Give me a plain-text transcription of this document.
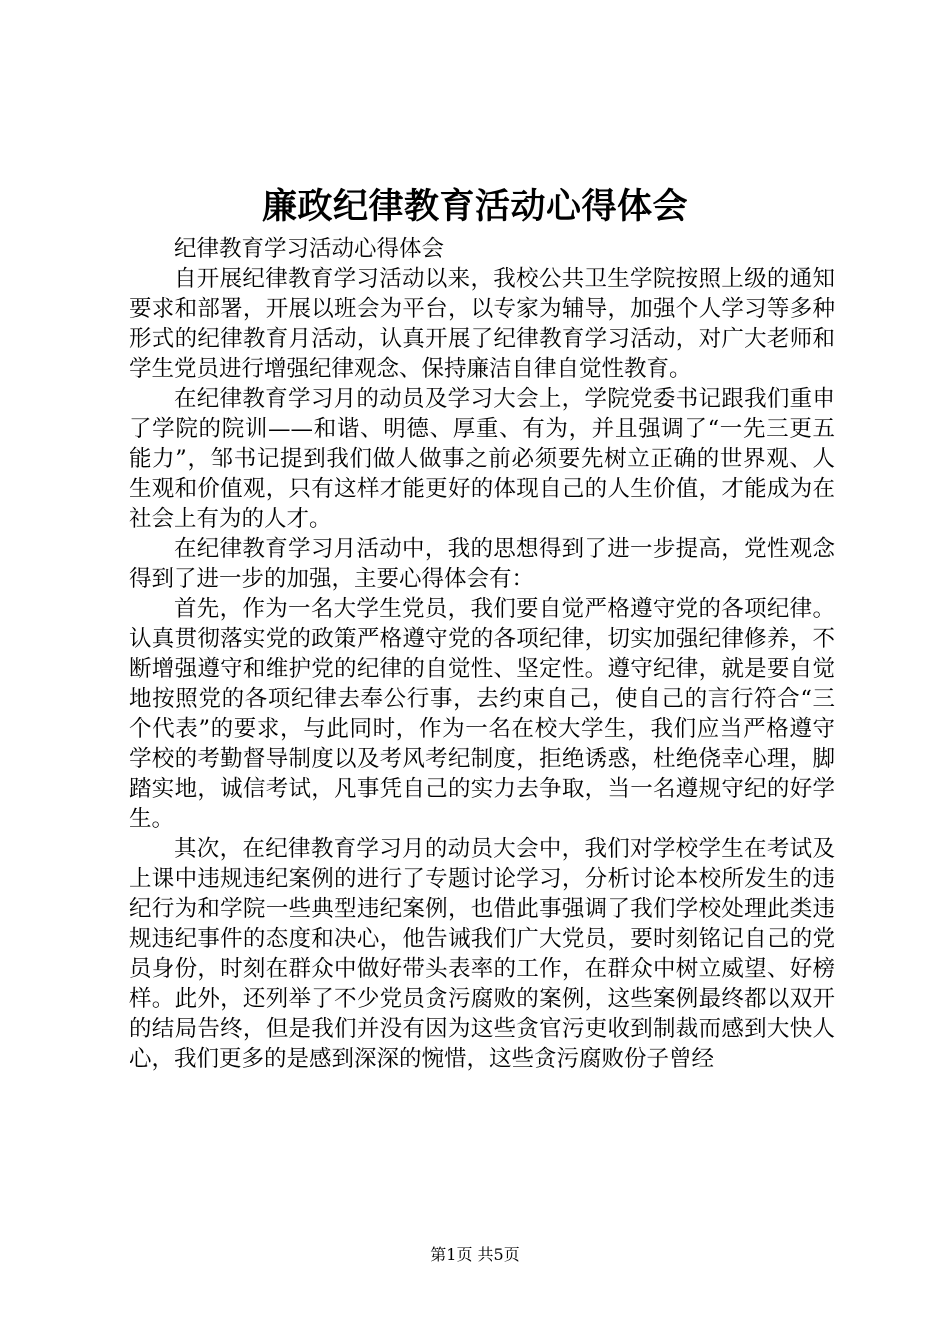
廉政纪律教育活动心得体会

纪律教育学习活动心得体会

自开展纪律教育学习活动以来，我校公共卫生学院按照上级的通知要求和部署，开展以班会为平台，以专家为辅导，加强个人学习等多种形式的纪律教育月活动，认真开展了纪律教育学习活动，对广大老师和学生党员进行增强纪律观念、保持廉洁自律自觉性教育。

在纪律教育学习月的动员及学习大会上，学院党委书记跟我们重申了学院的院训——和谐、明德、厚重、有为，并且强调了“一先三更五能力”，邹书记提到我们做人做事之前必须要先树立正确的世界观、人生观和价值观，只有这样才能更好的体现自己的人生价值，才能成为在社会上有为的人才。

在纪律教育学习月活动中，我的思想得到了进一步提高，党性观念得到了进一步的加强，主要心得体会有：

首先，作为一名大学生党员，我们要自觉严格遵守党的各项纪律。认真贯彻落实党的政策严格遵守党的各项纪律，切实加强纪律修养，不断增强遵守和维护党的纪律的自觉性、坚定性。遵守纪律，就是要自觉地按照党的各项纪律去奉公行事，去约束自己，使自己的言行符合“三个代表”的要求，与此同时，作为一名在校大学生，我们应当严格遵守学校的考勤督导制度以及考风考纪制度，拒绝诱惑，杜绝侥幸心理，脚踏实地，诚信考试，凡事凭自己的实力去争取，当一名遵规守纪的好学生。

其次，在纪律教育学习月的动员大会中，我们对学校学生在考试及上课中违规违纪案例的进行了专题讨论学习，分析讨论本校所发生的违纪行为和学院一些典型违纪案例，也借此事强调了我们学校处理此类违规违纪事件的态度和决心，他告诫我们广大党员，要时刻铭记自己的党员身份，时刻在群众中做好带头表率的工作，在群众中树立威望、好榜样。此外，还列举了不少党员贪污腐败的案例，这些案例最终都以双开的结局告终，但是我们并没有因为这些贪官污吏收到制裁而感到大快人心，我们更多的是感到深深的惋惜，这些贪污腐败份子曾经

第1页 共5页
